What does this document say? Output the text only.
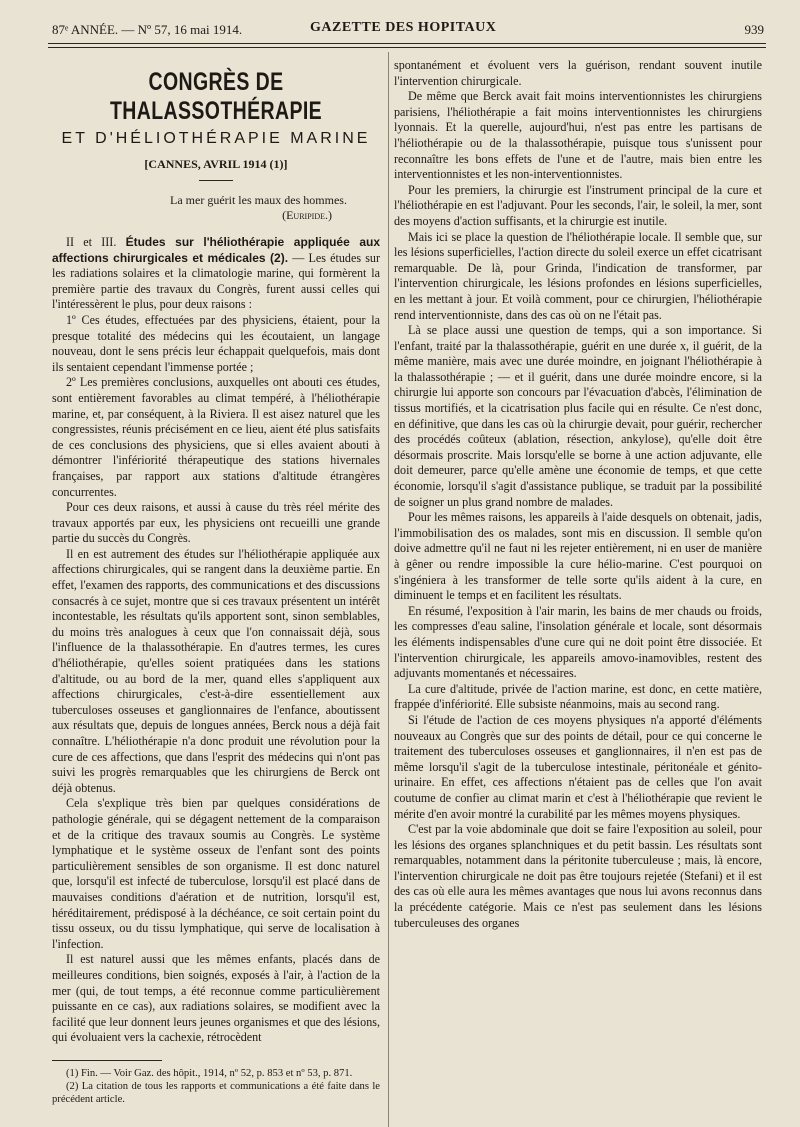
87ᵉ ANNÉE. — Nº 57, 16 mai 1914.	GAZETTE DES HOPITAUX	939
CONGRÈS DE THALASSOTHÉRAPIE
ET D'HÉLIOTHÉRAPIE MARINE
[CANNES, AVRIL 1914 (1)]
La mer guérit les maux des hommes.
(Euripide.)

II et III. Études sur l'héliothérapie appliquée aux affections chirurgicales et médicales (2). — Les études sur les radiations solaires et la climatologie marine, qui formèrent la première partie des travaux du Congrès, furent aussi celles qui l'intéressèrent le plus, pour deux raisons :

1º Ces études, effectuées par des physiciens, étaient, pour la presque totalité des médecins qui les écoutaient, un langage nouveau, dont le sens précis leur échappait quelquefois, mais dont ils sentaient cependant l'immense portée ;

2º Les premières conclusions, auxquelles ont abouti ces études, sont entièrement favorables au climat tempéré, à l'héliothérapie marine, et, par conséquent, à la Riviera. Il est aisez naturel que les congressistes, réunis précisément en ce lieu, aient été plus satisfaits de ces conclusions des physiciens, que si elles avaient abouti à démontrer l'infériorité thérapeutique des stations hivernales françaises, par rapport aux stations d'altitude étrangères concurrentes.

Pour ces deux raisons, et aussi à cause du très réel mérite des travaux apportés par eux, les physiciens ont recueilli une grande partie du succès du Congrès.

Il en est autrement des études sur l'héliothérapie appliquée aux affections chirurgicales, qui se rangent dans la deuxième partie. En effet, l'examen des rapports, des communications et des discussions consacrés à ce sujet, montre que si ces travaux présentent un intérêt incontestable, les résultats qu'ils apportent sont, sinon semblables, du moins très analogues à ceux que l'on connaissait déjà, sous l'influence de la thalassothérapie. En d'autres termes, les cures d'héliothérapie, qu'elles soient pratiquées dans les stations d'altitude, ou au bord de la mer, quand elles s'appliquent aux affections chirurgicales, c'est-à-dire essentiellement aux tuberculoses osseuses et ganglionnaires de l'enfance, aboutissent aux résultats que, depuis de longues années, Berck nous a déjà fait connaître. L'héliothérapie n'a donc produit une révolution pour la cure de ces affections, que dans l'esprit des médecins qui n'ont pas suivi les progrès remarquables que les chirurgiens de Berck ont déjà obtenus.

Cela s'explique très bien par quelques considérations de pathologie générale, qui se dégagent nettement de la comparaison et de la critique des travaux soumis au Congrès. Le système lymphatique et le système osseux de l'enfant sont des points particulièrement sensibles de son organisme. Il est donc naturel que, lorsqu'il est infecté de tuberculose, lorsqu'il est placé dans de mauvaises conditions d'aération et de nutrition, lorsqu'il est, héréditairement, prédisposé à la déchéance, ce soit certain point du tissu osseux, ou du tissu lymphatique, qui serve de localisation à l'infection.

Il est naturel aussi que les mêmes enfants, placés dans de meilleures conditions, bien soignés, exposés à l'air, à l'action de la mer (qui, de tout temps, a été reconnue comme particulièrement puissante en ce cas), aux radiations solaires, se modifient avec la facilité que leur donnent leurs jeunes organismes et que des lésions, qui évoluaient vers la cachexie, rétrocèdent

(1) Fin. — Voir Gaz. des hôpit., 1914, nº 52, p. 853 et nº 53, p. 871.
(2) La citation de tous les rapports et communications a été faite dans le précédent article.

spontanément et évoluent vers la guérison, rendant souvent inutile l'intervention chirurgicale.

De même que Berck avait fait moins interventionnistes les chirurgiens parisiens, l'héliothérapie a fait moins interventionnistes les chirurgiens lyonnais. Et la querelle, aujourd'hui, n'est pas entre les partisans de l'héliothérapie ou de la thalassothérapie, puisque tous s'unissent pour reconnaître les bons effets de l'une et de l'autre, mais bien entre les interventionnistes et les non-interventionnistes.

Pour les premiers, la chirurgie est l'instrument principal de la cure et l'héliothérapie en est l'adjuvant. Pour les seconds, l'air, le soleil, la mer, sont des moyens d'action suffisants, et la chirurgie est inutile.

Mais ici se place la question de l'héliothérapie locale. Il semble que, sur les lésions superficielles, l'action directe du soleil exerce un effet cicatrisant remarquable. De là, pour Grinda, l'indication de transformer, par l'intervention chirurgicale, les lésions profondes en lésions superficielles, en les mettant à jour. Et voilà comment, pour ce chirurgien, l'héliothérapie rend interventionniste, dans des cas où on ne l'était pas.

Là se place aussi une question de temps, qui a son importance. Si l'enfant, traité par la thalassothérapie, guérit en une durée x, il guérit, de la même manière, mais avec une durée moindre, en joignant l'héliothérapie à la thalassothérapie ; — et il guérit, dans une durée moindre encore, si la chirurgie lui apporte son concours par l'évacuation d'abcès, l'élimination de tissus mortifiés, et la cicatrisation plus facile qui en résulte. Ce n'est donc, en définitive, que dans les cas où la chirurgie devait, pour guérir, rechercher des procédés coûteux (ablation, résection, ankylose), qu'elle doit être désormais proscrite. Mais lorsqu'elle se borne à une action adjuvante, elle doit demeurer, parce qu'elle amène une économie de temps, et que cette économie, lorsqu'il s'agit d'assistance publique, se traduit par la possibilité de soigner un plus grand nombre de malades.

Pour les mêmes raisons, les appareils à l'aide desquels on obtenait, jadis, l'immobilisation des os malades, sont mis en discussion. Il semble qu'on doive admettre qu'il ne faut ni les rejeter entièrement, ni en user de manière à gêner ou rendre impossible la cure hélio-marine. C'est pourquoi on s'ingéniera à les transformer de telle sorte qu'ils aident à la cure, en diminuent le temps et en facilitent les résultats.

En résumé, l'exposition à l'air marin, les bains de mer chauds ou froids, les compresses d'eau saline, l'insolation générale et locale, sont désormais les éléments indispensables d'une cure qui ne doit point être dissociée. Et l'intervention chirurgicale, les appareils amovo-inamovibles, restent des adjuvants momentanés et nécessaires.

La cure d'altitude, privée de l'action marine, est donc, en cette matière, frappée d'infériorité. Elle subsiste néanmoins, mais au second rang.

Si l'étude de l'action de ces moyens physiques n'a apporté d'éléments nouveaux au Congrès que sur des points de détail, pour ce qui concerne le traitement des tuberculoses osseuses et ganglionnaires, il n'en est pas de même lorsqu'il s'agit de la tuberculose intestinale, péritonéale et génito-urinaire. En effet, ces affections n'étaient pas de celles que l'on avait coutume de confier au climat marin et c'est à l'héliothérapie que revient le mérite d'en avoir montré la curabilité par les mêmes moyens physiques.

C'est par la voie abdominale que doit se faire l'exposition au soleil, pour les lésions des organes splanchniques et du petit bassin. Les résultats sont remarquables, notamment dans la péritonite tuberculeuse ; mais, là encore, l'intervention chirurgicale ne doit pas être toujours rejetée (Stefani) et il est des cas où elle aura les mêmes avantages que nous lui avons reconnus dans la précédente catégorie. Mais ce n'est pas seulement dans les lésions tuberculeuses des organes
